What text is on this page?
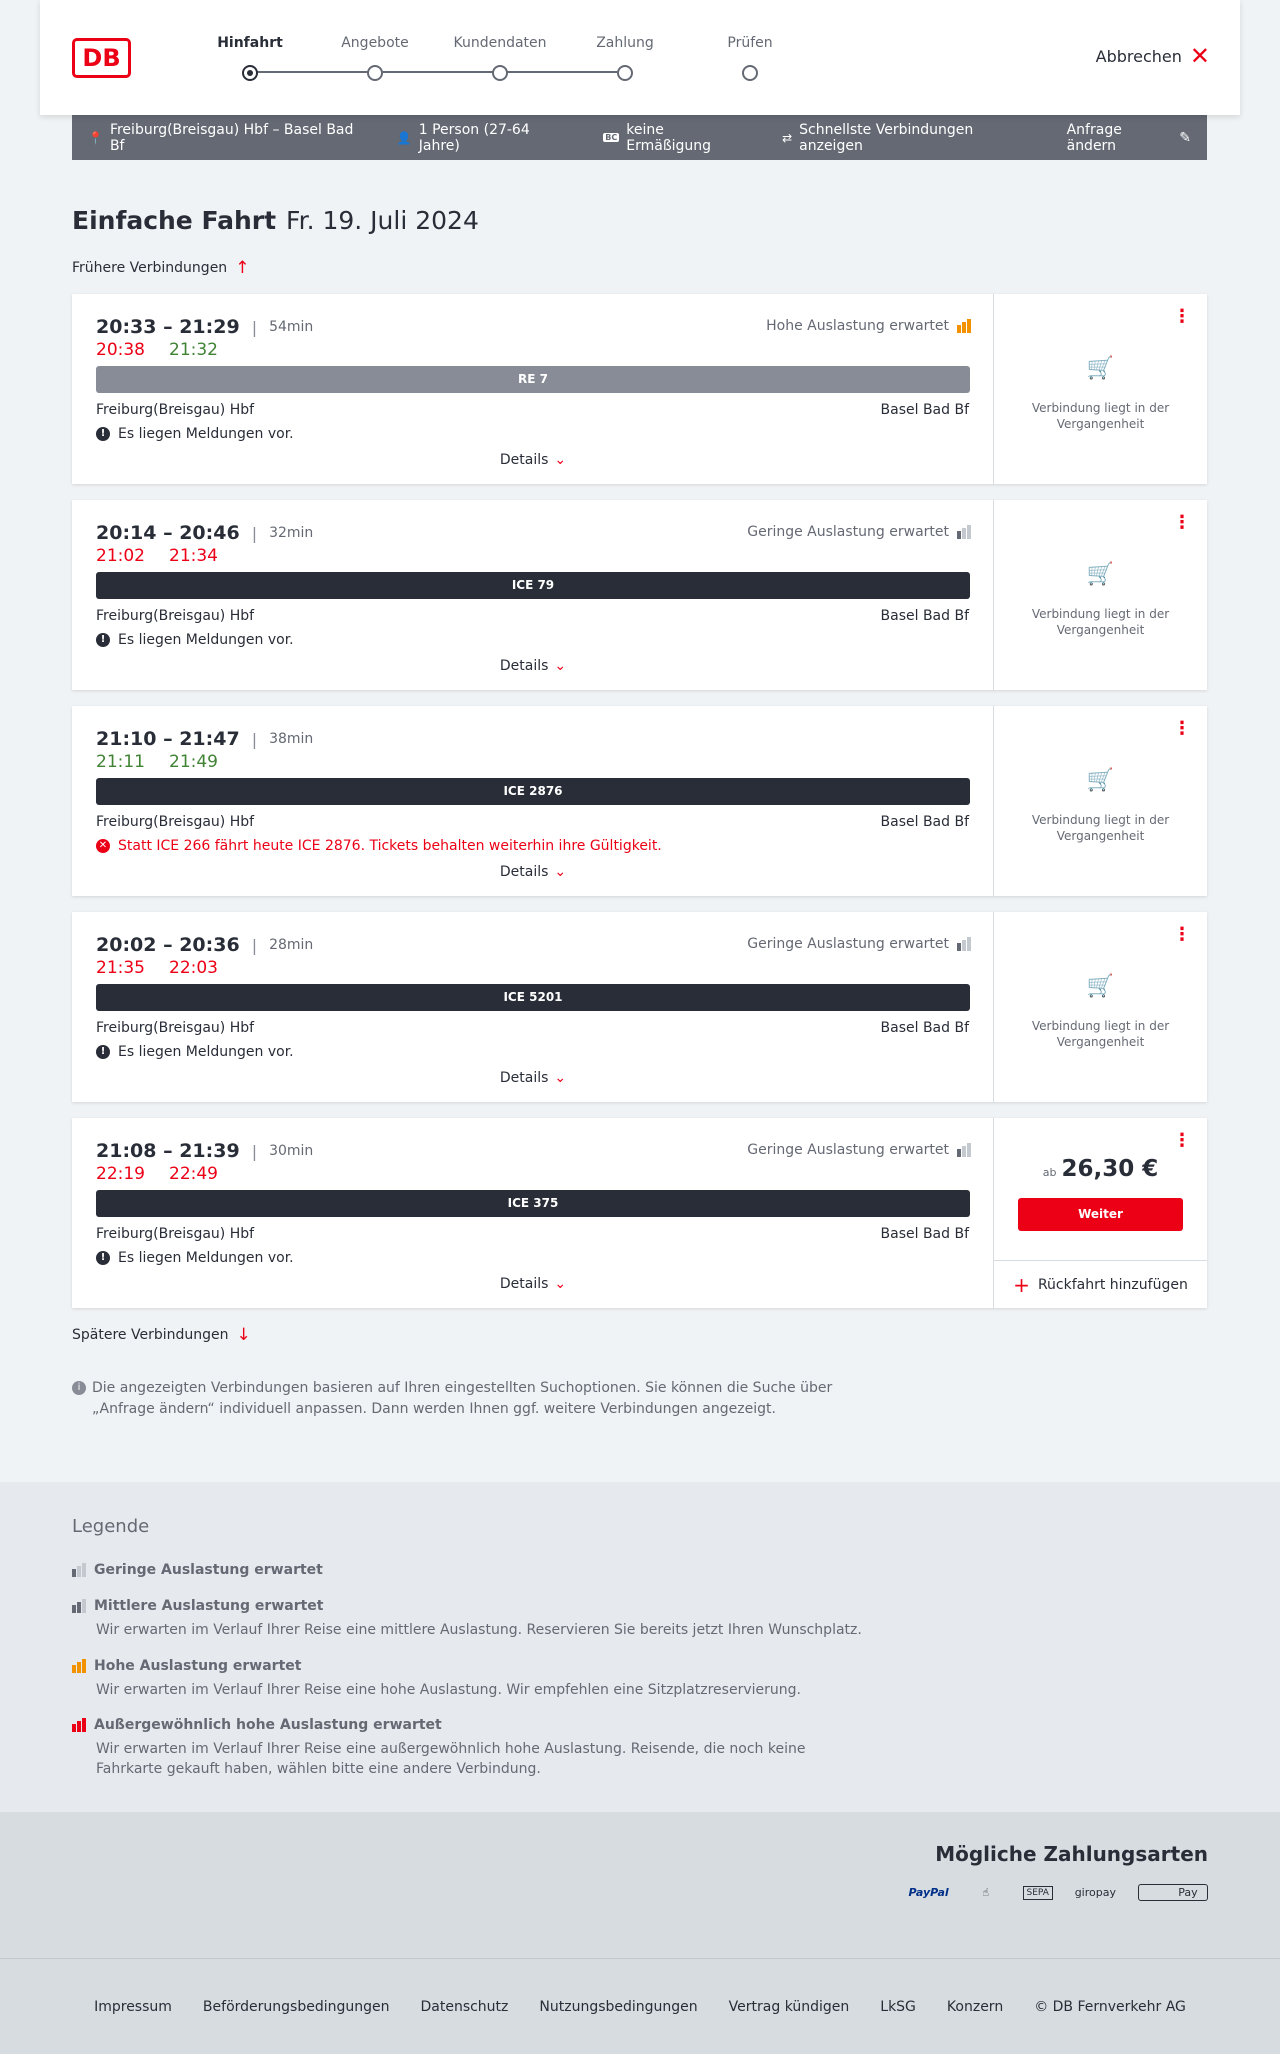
DB
Hinfahrt	Angebote	Kundendaten	Zahlung	Prüfen
Abbrechen ✕
📍 Freiburg(Breisgau) Hbf – Basel Bad Bf	👤 1 Person (27-64 Jahre)	BC keine Ermäßigung	⇄ Schnellste Verbindungen anzeigen
Anfrage ändern	✎
Einfache Fahrt Fr. 19. Juli 2024
Frühere Verbindungen ↑
20:33 – 21:29 | 54min
20:38 21:32
Hohe Auslastung erwartet
RE 7
Freiburg(Breisgau) Hbf	Basel Bad Bf
! Es liegen Meldungen vor.
Details ⌄
⋮
🛒
Verbindung liegt in der Vergangenheit
20:14 – 20:46 | 32min
21:02 21:34
Geringe Auslastung erwartet
ICE 79
Freiburg(Breisgau) Hbf	Basel Bad Bf
! Es liegen Meldungen vor.
Details ⌄
⋮
🛒
Verbindung liegt in der Vergangenheit
21:10 – 21:47 | 38min
21:11 21:49
ICE 2876
Freiburg(Breisgau) Hbf	Basel Bad Bf
✕ Statt ICE 266 fährt heute ICE 2876. Tickets behalten weiterhin ihre Gültigkeit.
Details ⌄
⋮
🛒
Verbindung liegt in der Vergangenheit
20:02 – 20:36 | 28min
21:35 22:03
Geringe Auslastung erwartet
ICE 5201
Freiburg(Breisgau) Hbf	Basel Bad Bf
! Es liegen Meldungen vor.
Details ⌄
⋮
🛒
Verbindung liegt in der Vergangenheit
21:08 – 21:39 | 30min
22:19 22:49
Geringe Auslastung erwartet
ICE 375
Freiburg(Breisgau) Hbf	Basel Bad Bf
! Es liegen Meldungen vor.
Details ⌄
⋮
ab 26,30 €
Weiter
+ Rückfahrt hinzufügen
Spätere Verbindungen ↓
i Die angezeigten Verbindungen basieren auf Ihren eingestellten Suchoptionen. Sie können die Suche über „Anfrage ändern“ individuell anpassen. Dann werden Ihnen ggf. weitere Verbindungen angezeigt.
Legende
Geringe Auslastung erwartet
Mittlere Auslastung erwartet
Wir erwarten im Verlauf Ihrer Reise eine mittlere Auslastung. Reservieren Sie bereits jetzt Ihren Wunschplatz.
Hohe Auslastung erwartet
Wir erwarten im Verlauf Ihrer Reise eine hohe Auslastung. Wir empfehlen eine Sitzplatzreservierung.
Außergewöhnlich hohe Auslastung erwartet
Wir erwarten im Verlauf Ihrer Reise eine außergewöhnlich hohe Auslastung. Reisende, die noch keine Fahrkarte gekauft haben, wählen bitte eine andere Verbindung.
Mögliche Zahlungsarten
PayPal	☝	SEPA	giropay	Pay
Impressum Beförderungsbedingungen Datenschutz Nutzungsbedingungen Vertrag kündigen LkSG Konzern © DB Fernverkehr AG
